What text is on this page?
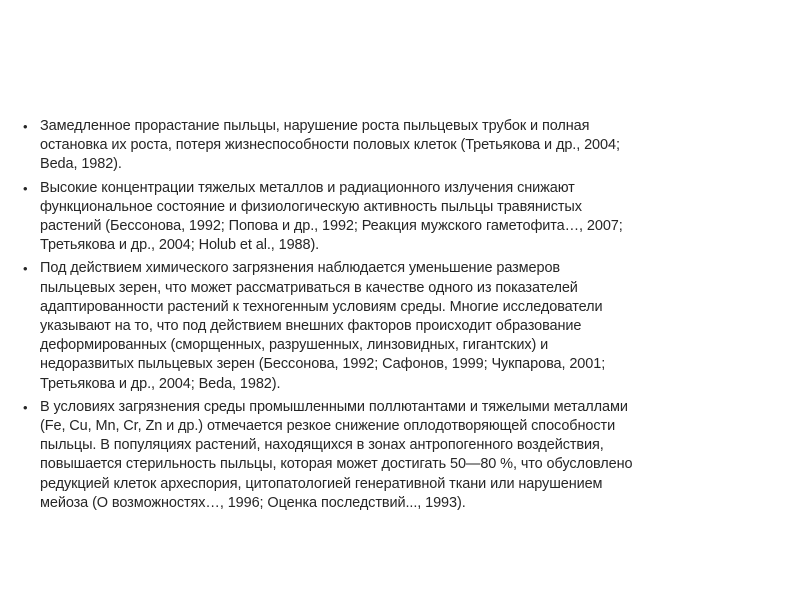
• Замедленное прорастание пыльцы, нарушение роста пыльцевых трубок и полная
остановка их роста, потеря жизнеспособности половых клеток (Третьякова и др., 2004;
Beda, 1982).
• Высокие концентрации тяжелых металлов и радиационного излучения снижают
функциональное состояние и физиологическую активность пыльцы травянистых
растений (Бессонова, 1992; Попова и др., 1992; Реакция мужского гаметофита…, 2007;
Третьякова и др., 2004; Holub et al., 1988).
• Под действием химического загрязнения наблюдается уменьшение размеров
пыльцевых зерен, что может рассматриваться в качестве одного из показателей
адаптированности растений к техногенным условиям среды. Многие исследователи
указывают на то, что под действием внешних факторов происходит образование
деформированных (сморщенных, разрушенных, линзовидных, гигантских) и
недоразвитых пыльцевых зерен (Бессонова, 1992; Сафонов, 1999; Чукпарова, 2001;
Третьякова и др., 2004; Beda, 1982).
• В условиях загрязнения среды промышленными поллютантами и тяжелыми металлами
(Fe, Cu, Mn, Cr, Zn и др.) отмечается резкое снижение оплодотворяющей способности
пыльцы. В популяциях растений, находящихся в зонах антропогенного воздействия,
повышается стерильность пыльцы, которая может достигать 50—80 %, что обусловлено
редукцией клеток археспория, цитопатологией генеративной ткани или нарушением
мейоза (О возможностях…, 1996; Оценка последствий..., 1993).
